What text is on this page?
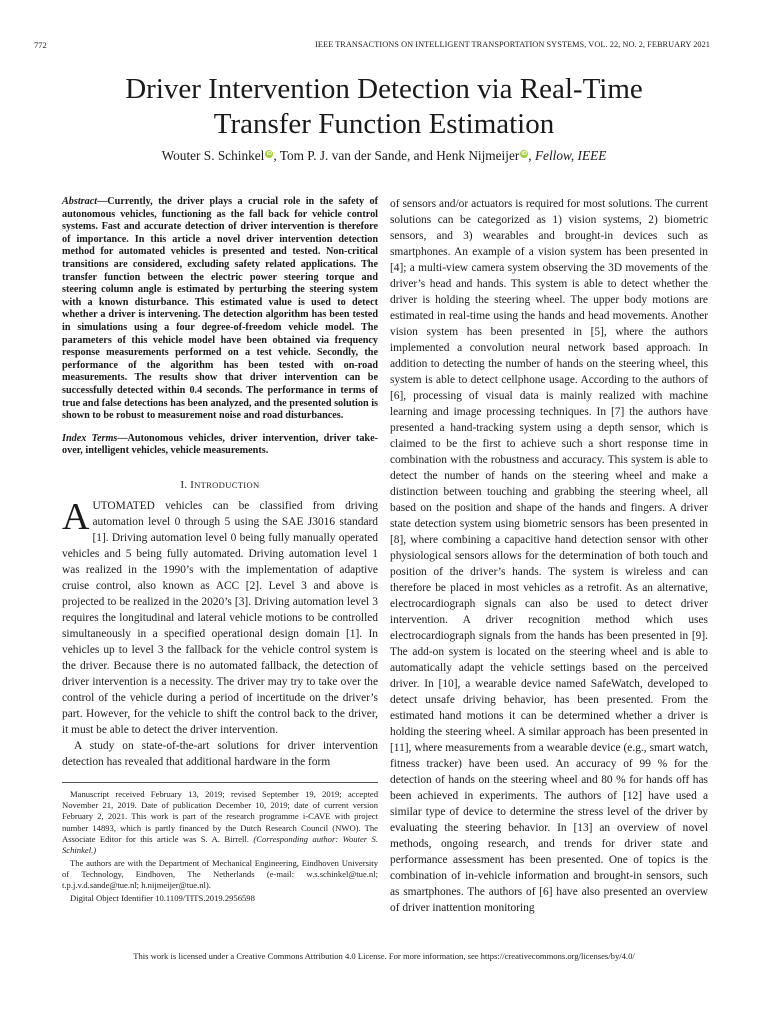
772	IEEE TRANSACTIONS ON INTELLIGENT TRANSPORTATION SYSTEMS, VOL. 22, NO. 2, FEBRUARY 2021
Driver Intervention Detection via Real-Time
Transfer Function Estimation
Wouter S. Schinkel iD, Tom P. J. van der Sande, and Henk Nijmeijer iD, Fellow, IEEE

Abstract—Currently, the driver plays a crucial role in the safety of autonomous vehicles, functioning as the fall back for vehicle control systems. Fast and accurate detection of driver intervention is therefore of importance. In this article a novel driver intervention detection method for automated vehicles is presented and tested. Non-critical transitions are considered, excluding safety related applications. The transfer function between the electric power steering torque and steering column angle is estimated by perturbing the steering system with a known disturbance. This estimated value is used to detect whether a driver is intervening. The detection algorithm has been tested in simulations using a four degree-of-freedom vehicle model. The parameters of this vehicle model have been obtained via frequency response measurements performed on a test vehicle. Secondly, the performance of the algorithm has been tested with on-road measurements. The results show that driver intervention can be successfully detected within 0.4 seconds. The performance in terms of true and false detections has been analyzed, and the presented solution is shown to be robust to measurement noise and road disturbances.

Index Terms—Autonomous vehicles, driver intervention, driver take-over, intelligent vehicles, vehicle measurements.

I. INTRODUCTION

AUTOMATED vehicles can be classified from driving automation level 0 through 5 using the SAE J3016 standard [1]. Driving automation level 0 being fully manually operated vehicles and 5 being fully automated. Driving automation level 1 was realized in the 1990’s with the implementation of adaptive cruise control, also known as ACC [2]. Level 3 and above is projected to be realized in the 2020’s [3]. Driving automation level 3 requires the longitudinal and lateral vehicle motions to be controlled simultaneously in a specified operational design domain [1]. In vehicles up to level 3 the fallback for the vehicle control system is the driver. Because there is no automated fallback, the detection of driver intervention is a necessity. The driver may try to take over the control of the vehicle during a period of incertitude on the driver’s part. However, for the vehicle to shift the control back to the driver, it must be able to detect the driver intervention.

A study on state-of-the-art solutions for driver intervention detection has revealed that additional hardware in the form

Manuscript received February 13, 2019; revised September 19, 2019; accepted November 21, 2019. Date of publication December 10, 2019; date of current version February 2, 2021. This work is part of the research programme i-CAVE with project number 14893, which is partly financed by the Dutch Research Council (NWO). The Associate Editor for this article was S. A. Birrell. (Corresponding author: Wouter S. Schinkel.)

The authors are with the Department of Mechanical Engineering, Eindhoven University of Technology, Eindhoven, The Netherlands (e-mail: w.s.schinkel@tue.nl; t.p.j.v.d.sande@tue.nl; h.nijmeijer@tue.nl).

Digital Object Identifier 10.1109/TITS.2019.2956598

of sensors and/or actuators is required for most solutions. The current solutions can be categorized as 1) vision systems, 2) biometric sensors, and 3) wearables and brought-in devices such as smartphones. An example of a vision system has been presented in [4]; a multi-view camera system observing the 3D movements of the driver’s head and hands. This system is able to detect whether the driver is holding the steering wheel. The upper body motions are estimated in real-time using the hands and head movements. Another vision system has been presented in [5], where the authors implemented a convolution neural network based approach. In addition to detecting the number of hands on the steering wheel, this system is able to detect cellphone usage. According to the authors of [6], processing of visual data is mainly realized with machine learning and image processing techniques. In [7] the authors have presented a hand-tracking system using a depth sensor, which is claimed to be the first to achieve such a short response time in combination with the robustness and accuracy. This system is able to detect the number of hands on the steering wheel and make a distinction between touching and grabbing the steering wheel, all based on the position and shape of the hands and fingers. A driver state detection system using biometric sensors has been presented in [8], where combining a capacitive hand detection sensor with other physiological sensors allows for the determination of both touch and position of the driver’s hands. The system is wireless and can therefore be placed in most vehicles as a retrofit. As an alternative, electrocardiograph signals can also be used to detect driver intervention. A driver recognition method which uses electrocardiograph signals from the hands has been presented in [9]. The add-on system is located on the steering wheel and is able to automatically adapt the vehicle settings based on the perceived driver. In [10], a wearable device named SafeWatch, developed to detect unsafe driving behavior, has been presented. From the estimated hand motions it can be determined whether a driver is holding the steering wheel. A similar approach has been presented in [11], where measurements from a wearable device (e.g., smart watch, fitness tracker) have been used. An accuracy of 99 % for the detection of hands on the steering wheel and 80 % for hands off has been achieved in experiments. The authors of [12] have used a similar type of device to determine the stress level of the driver by evaluating the steering behavior. In [13] an overview of novel methods, ongoing research, and trends for driver state and performance assessment has been presented. One of topics is the combination of in-vehicle information and brought-in sensors, such as smartphones. The authors of [6] have also presented an overview of driver inattention monitoring

This work is licensed under a Creative Commons Attribution 4.0 License. For more information, see https://creativecommons.org/licenses/by/4.0/
